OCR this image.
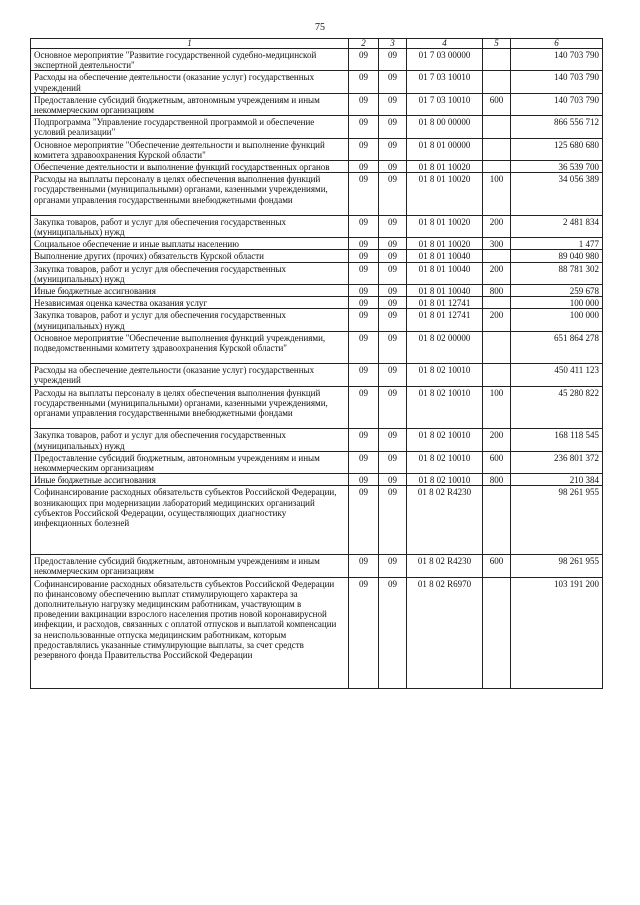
75
1	2	3	4	5	6
Основное мероприятие "Развитие государственной судебно-медицинской экспертной деятельности"	09	09	01 7 03 00000		140 703 790
Расходы на обеспечение деятельности (оказание услуг) государственных учреждений	09	09	01 7 03 10010		140 703 790
Предоставление субсидий бюджетным, автономным учреждениям и иным некоммерческим организациям	09	09	01 7 03 10010	600	140 703 790
Подпрограмма "Управление государственной программой и обеспечение условий реализации"	09	09	01 8 00 00000		866 556 712
Основное мероприятие "Обеспечение деятельности и выполнение функций комитета здравоохранения Курской области"	09	09	01 8 01 00000		125 680 680
Обеспечение деятельности и выполнение функций государственных органов	09	09	01 8 01 10020		36 539 700
Расходы на выплаты персоналу в целях обеспечения выполнения функций государственными (муниципальными) органами, казенными учреждениями, органами управления государственными внебюджетными фондами	09	09	01 8 01 10020	100	34 056 389
Закупка товаров, работ и услуг для обеспечения государственных (муниципальных) нужд	09	09	01 8 01 10020	200	2 481 834
Социальное обеспечение и иные выплаты населению	09	09	01 8 01 10020	300	1 477
Выполнение других (прочих) обязательств Курской области	09	09	01 8 01 10040		89 040 980
Закупка товаров, работ и услуг для обеспечения государственных (муниципальных) нужд	09	09	01 8 01 10040	200	88 781 302
Иные бюджетные ассигнования	09	09	01 8 01 10040	800	259 678
Независимая оценка качества оказания услуг	09	09	01 8 01 12741		100 000
Закупка товаров, работ и услуг для обеспечения государственных (муниципальных) нужд	09	09	01 8 01 12741	200	100 000
Основное мероприятие "Обеспечение выполнения функций учреждениями, подведомственными комитету здравоохранения Курской области"	09	09	01 8 02 00000		651 864 278
Расходы на обеспечение деятельности (оказание услуг) государственных учреждений	09	09	01 8 02 10010		450 411 123
Расходы на выплаты персоналу в целях обеспечения выполнения функций государственными (муниципальными) органами, казенными учреждениями, органами управления государственными внебюджетными фондами	09	09	01 8 02 10010	100	45 280 822
Закупка товаров, работ и услуг для обеспечения государственных (муниципальных) нужд	09	09	01 8 02 10010	200	168 118 545
Предоставление субсидий бюджетным, автономным учреждениям и иным некоммерческим организациям	09	09	01 8 02 10010	600	236 801 372
Иные бюджетные ассигнования	09	09	01 8 02 10010	800	210 384
Софинансирование расходных обязательств субъектов Российской Федерации, возникающих при модернизации лабораторий медицинских организаций субъектов Российской Федерации, осуществляющих диагностику инфекционных болезней	09	09	01 8 02 R4230		98 261 955
Предоставление субсидий бюджетным, автономным учреждениям и иным некоммерческим организациям	09	09	01 8 02 R4230	600	98 261 955
Софинансирование расходных обязательств субъектов Российской Федерации по финансовому обеспечению выплат стимулирующего характера за дополнительную нагрузку медицинским работникам, участвующим в проведении вакцинации взрослого населения против новой коронавирусной инфекции, и расходов, связанных с оплатой отпусков и выплатой компенсации за неиспользованные отпуска медицинским работникам, которым предоставлялись указанные стимулирующие выплаты, за счет средств резервного фонда Правительства Российской Федерации	09	09	01 8 02 R6970		103 191 200
